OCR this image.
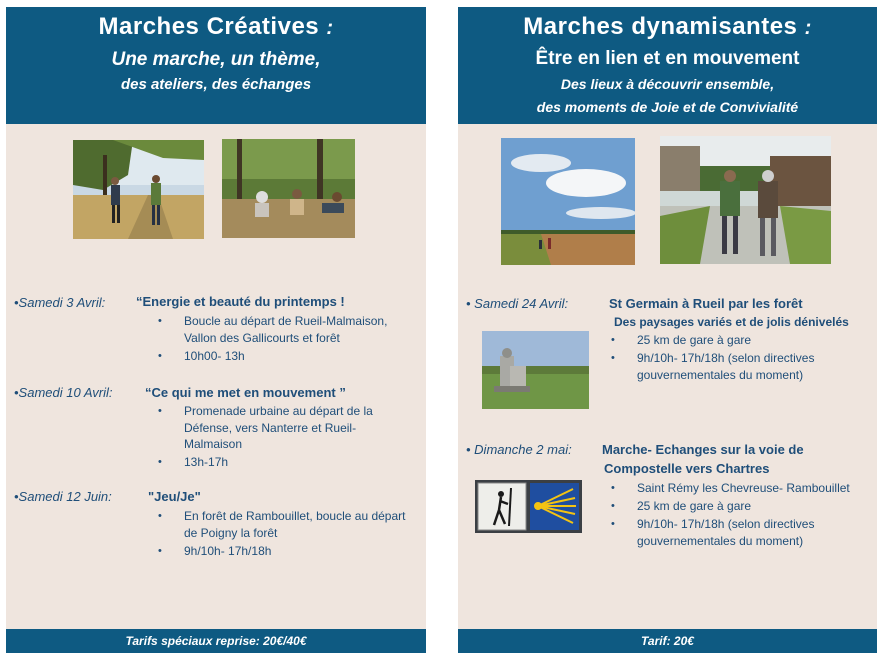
Marches Créatives :
Une marche, un thème,
des ateliers, des échanges
•Samedi 3 Avril: “Energie et beauté du printemps !
• Boucle au départ de Rueil-Malmaison, Vallon des Gallicourts et forêt
• 10h00- 13h
•Samedi 10 Avril:	“Ce qui me met en mouvement ”
• Promenade urbaine au départ de la Défense, vers Nanterre et Rueil-Malmaison
• 13h-17h
•Samedi 12 Juin:	"Jeu/Je"
• En forêt de Rambouillet, boucle au départ de Poigny la forêt
• 9h/10h- 17h/18h
Tarifs spéciaux reprise: 20€/40€
Marches dynamisantes :
Être en lien et en mouvement
Des lieux à découvrir ensemble,
des moments de Joie et de Convivialité
• Samedi 24 Avril:	St Germain à Rueil par les forêt
Des paysages variés et de jolis dénivelés
• 25 km de gare à gare
• 9h/10h- 17h/18h (selon directives gouvernementales du moment)
• Dimanche 2 mai: Marche- Echanges sur la voie de
Compostelle vers Chartres
• Saint Rémy les Chevreuse- Rambouillet
• 25 km de gare à gare
• 9h/10h- 17h/18h (selon directives gouvernementales du moment)
Tarif: 20€
